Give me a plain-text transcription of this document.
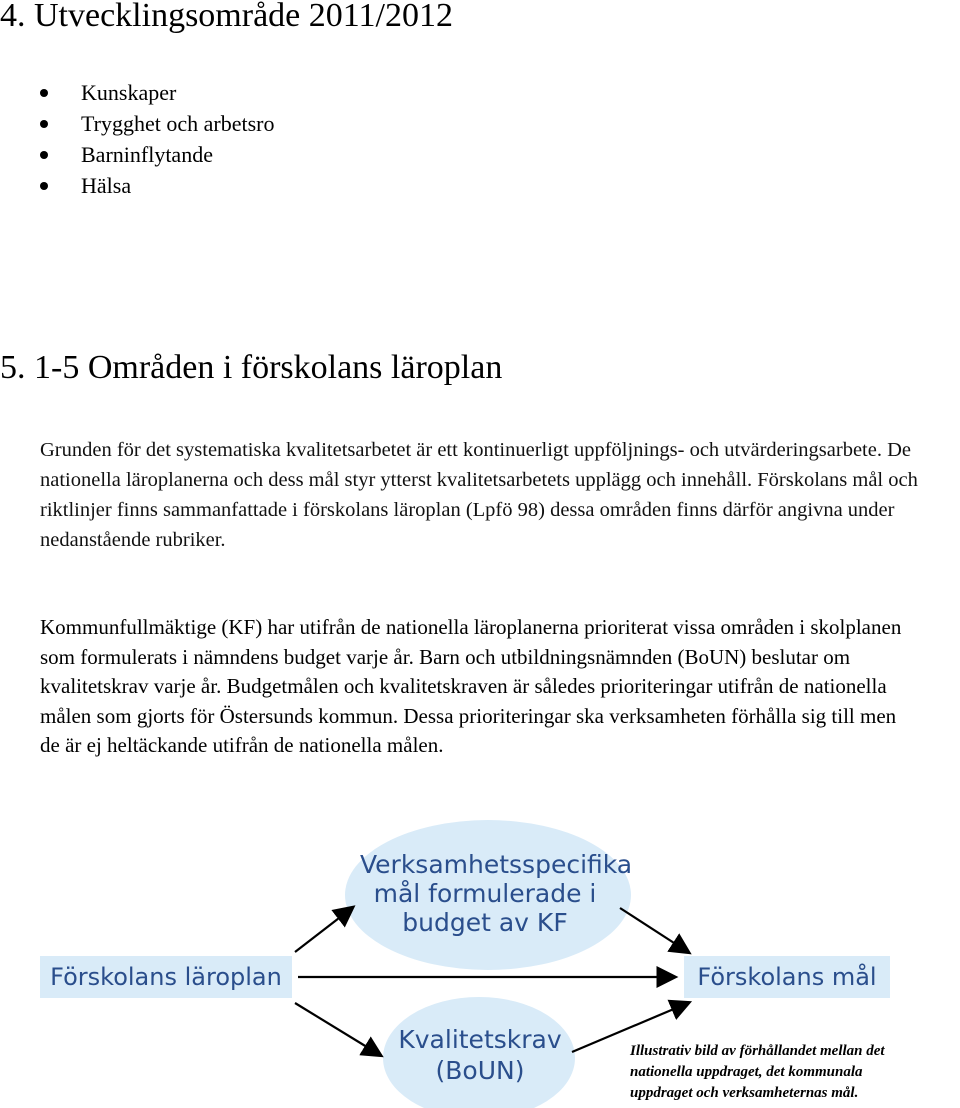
4. Utvecklingsområde 2011/2012
Kunskaper
Trygghet och arbetsro
Barninflytande
Hälsa
5. 1-5 Områden i förskolans läroplan

Grunden för det systematiska kvalitetsarbetet är ett kontinuerligt uppföljnings- och utvärderingsarbete. De nationella läroplanerna och dess mål styr ytterst kvalitetsarbetets upplägg och innehåll. Förskolans mål och riktlinjer finns sammanfattade i förskolans läroplan (Lpfö 98) dessa områden finns därför angivna under nedanstående rubriker.

Kommunfullmäktige (KF) har utifrån de nationella läroplanerna prioriterat vissa områden i skolplanen som formulerats i nämndens budget varje år. Barn och utbildningsnämnden (BoUN) beslutar om kvalitetskrav varje år. Budgetmålen och kvalitetskraven är således prioriteringar utifrån de nationella målen som gjorts för Östersunds kommun. Dessa prioriteringar ska verksamheten förhålla sig till men de är ej heltäckande utifrån de nationella målen.

Verksamhetsspecifika
mål formulerade i
budget av KF
Kvalitetskrav
(BoUN)
Förskolans läroplan	Förskolans mål
Illustrativ bild av förhållandet mellan det
nationella uppdraget, det kommunala
uppdraget och verksamheternas mål.
